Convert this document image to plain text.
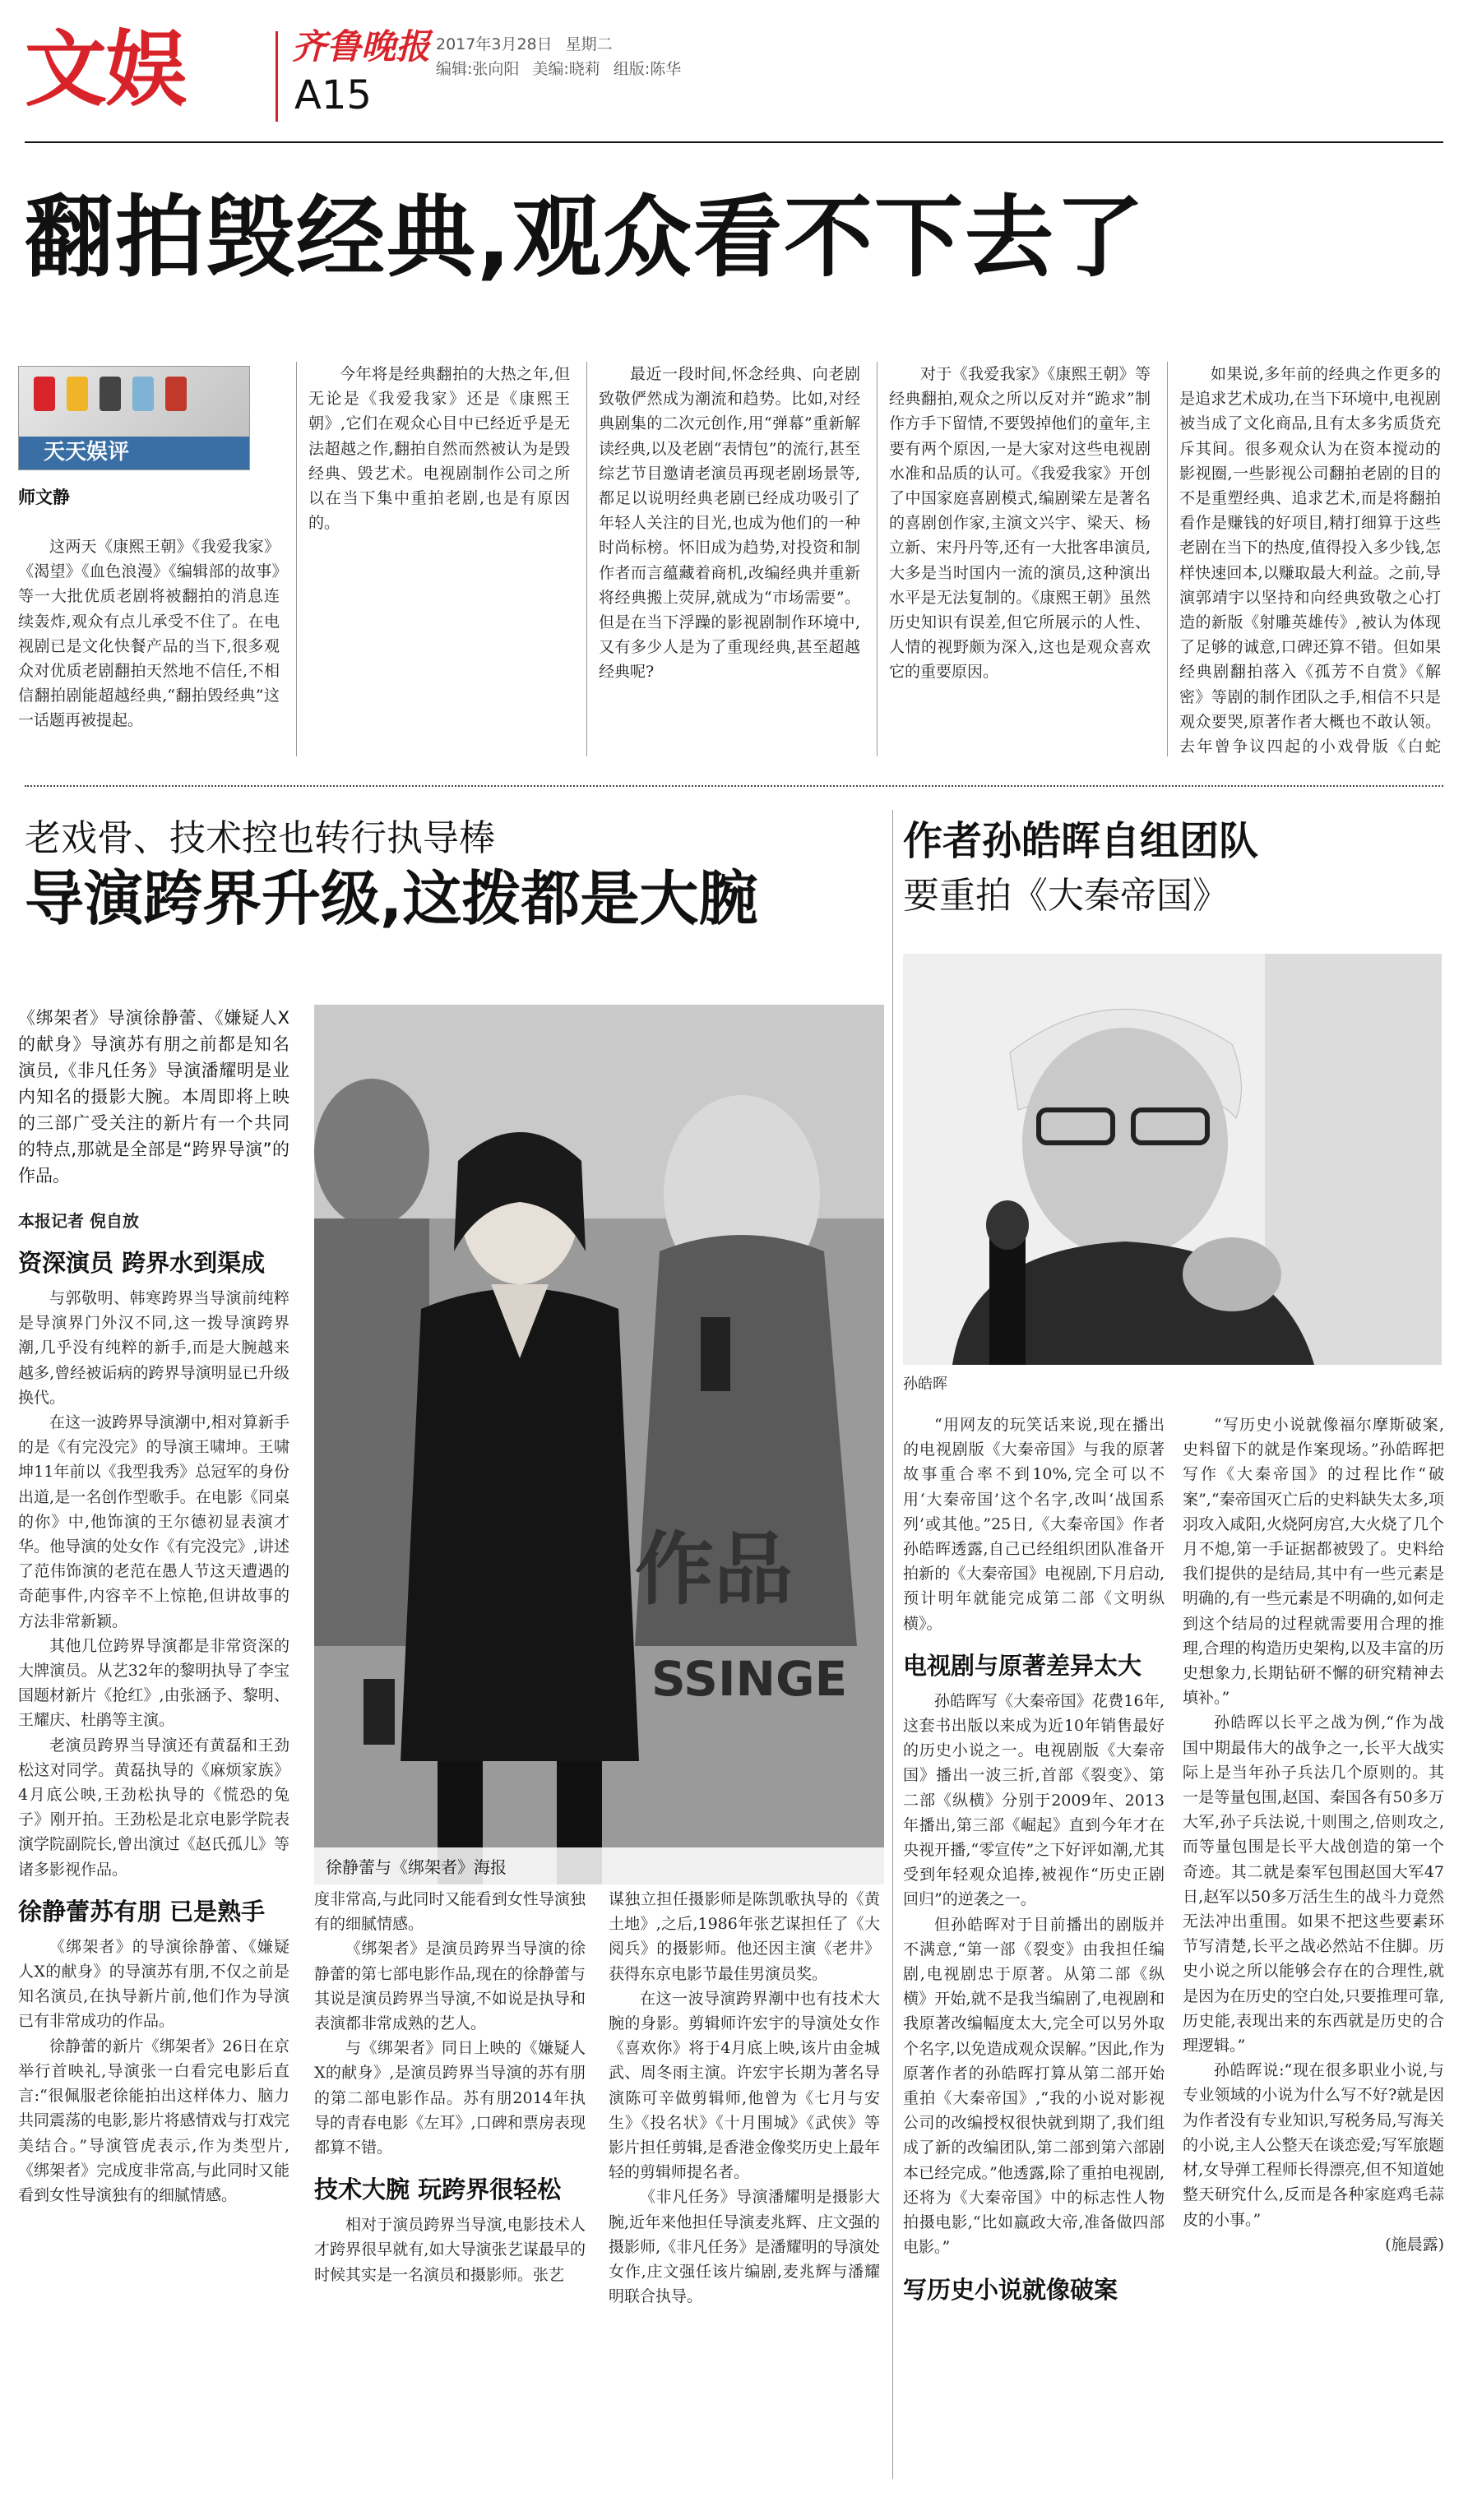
文娱	齐鲁晚报
A15
2017年3月28日 星期二
编辑:张向阳 美编:晓莉 组版:陈华
翻拍毁经典,观众看不下去了
天天娱评
师文静

这两天《康熙王朝》《我爱我家》《渴望》《血色浪漫》《编辑部的故事》等一大批优质老剧将被翻拍的消息连续轰炸,观众有点儿承受不住了。在电视剧已是文化快餐产品的当下,很多观众对优质老剧翻拍天然地不信任,不相信翻拍剧能超越经典,“翻拍毁经典”这一话题再被提起。

今年将是经典翻拍的大热之年,但无论是《我爱我家》还是《康熙王朝》,它们在观众心目中已经近乎是无法超越之作,翻拍自然而然被认为是毁经典、毁艺术。电视剧制作公司之所以在当下集中重拍老剧,也是有原因的。

最近一段时间,怀念经典、向老剧致敬俨然成为潮流和趋势。比如,对经典剧集的二次元创作,用“弹幕”重新解读经典,以及老剧“表情包”的流行,甚至综艺节目邀请老演员再现老剧场景等,都足以说明经典老剧已经成功吸引了年轻人关注的目光,也成为他们的一种时尚标榜。怀旧成为趋势,对投资和制作者而言蕴藏着商机,改编经典并重新将经典搬上荧屏,就成为“市场需要”。但是在当下浮躁的影视剧制作环境中,又有多少人是为了重现经典,甚至超越经典呢?

对于《我爱我家》《康熙王朝》等经典翻拍,观众之所以反对并“跪求”制作方手下留情,不要毁掉他们的童年,主要有两个原因,一是大家对这些电视剧水准和品质的认可。《我爱我家》开创了中国家庭喜剧模式,编剧梁左是著名的喜剧创作家,主演文兴宇、梁天、杨立新、宋丹丹等,还有一大批客串演员,大多是当时国内一流的演员,这种演出水平是无法复制的。《康熙王朝》虽然历史知识有误差,但它所展示的人性、人情的视野颇为深入,这也是观众喜欢它的重要原因。

如果说,多年前的经典之作更多的是追求艺术成功,在当下环境中,电视剧被当成了文化商品,且有太多劣质货充斥其间。很多观众认为在资本搅动的影视圈,一些影视公司翻拍老剧的目的不是重塑经典、追求艺术,而是将翻拍看作是赚钱的好项目,精打细算于这些老剧在当下的热度,值得投入多少钱,怎样快速回本,以赚取最大利益。之前,导演郭靖宇以坚持和向经典致敬之心打造的新版《射雕英雄传》,被认为体现了足够的诚意,口碑还算不错。但如果经典剧翻拍落入《孤芳不自赏》《解密》等剧的制作团队之手,相信不只是观众要哭,原著作者大概也不敢认领。去年曾争议四起的小戏骨版《白蛇

老戏骨、技术控也转行执导棒
导演跨界升级,这拨都是大腕

《绑架者》导演徐静蕾、《嫌疑人X的献身》导演苏有朋之前都是知名演员,《非凡任务》导演潘耀明是业内知名的摄影大腕。本周即将上映的三部广受关注的新片有一个共同的特点,那就是全部是“跨界导演”的作品。

本报记者 倪自放

资深演员 跨界水到渠成

与郭敬明、韩寒跨界当导演前纯粹是导演界门外汉不同,这一拨导演跨界潮,几乎没有纯粹的新手,而是大腕越来越多,曾经被诟病的跨界导演明显已升级换代。

在这一波跨界导演潮中,相对算新手的是《有完没完》的导演王啸坤。王啸坤11年前以《我型我秀》总冠军的身份出道,是一名创作型歌手。在电影《同桌的你》中,他饰演的王尔德初显表演才华。他导演的处女作《有完没完》,讲述了范伟饰演的老范在愚人节这天遭遇的奇葩事件,内容辛不上惊艳,但讲故事的方法非常新颖。

其他几位跨界导演都是非常资深的大牌演员。从艺32年的黎明执导了李宝国题材新片《抢红》,由张涵予、黎明、王耀庆、杜鹃等主演。

老演员跨界当导演还有黄磊和王劲松这对同学。黄磊执导的《麻烦家族》4月底公映,王劲松执导的《慌恐的兔子》刚开拍。王劲松是北京电影学院表演学院副院长,曾出演过《赵氏孤儿》等诸多影视作品。

徐静蕾苏有朋 已是熟手

《绑架者》的导演徐静蕾、《嫌疑人X的献身》的导演苏有朋,不仅之前是知名演员,在执导新片前,他们作为导演已有非常成功的作品。

徐静蕾的新片《绑架者》26日在京举行首映礼,导演张一白看完电影后直言:“很佩服老徐能拍出这样体力、脑力共同震荡的电影,影片将感情戏与打戏完美结合。”导演管虎表示,作为类型片,《绑架者》完成度非常高,与此同时又能看到女性导演独有的细腻情感。

作品
SSINGE
徐静蕾与《绑架者》海报

度非常高,与此同时又能看到女性导演独有的细腻情感。

《绑架者》是演员跨界当导演的徐静蕾的第七部电影作品,现在的徐静蕾与其说是演员跨界当导演,不如说是执导和表演都非常成熟的艺人。

与《绑架者》同日上映的《嫌疑人X的献身》,是演员跨界当导演的苏有朋的第二部电影作品。苏有朋2014年执导的青春电影《左耳》,口碑和票房表现都算不错。

技术大腕 玩跨界很轻松

相对于演员跨界当导演,电影技术人才跨界很早就有,如大导演张艺谋最早的时候其实是一名演员和摄影师。张艺

谋独立担任摄影师是陈凯歌执导的《黄土地》,之后,1986年张艺谋担任了《大阅兵》的摄影师。他还因主演《老井》获得东京电影节最佳男演员奖。

在这一波导演跨界潮中也有技术大腕的身影。剪辑师许宏宇的导演处女作《喜欢你》将于4月底上映,该片由金城武、周冬雨主演。许宏宇长期为著名导演陈可辛做剪辑师,他曾为《七月与安生》《投名状》《十月围城》《武侠》等影片担任剪辑,是香港金像奖历史上最年轻的剪辑师提名者。

《非凡任务》导演潘耀明是摄影大腕,近年来他担任导演麦兆辉、庄文强的摄影师,《非凡任务》是潘耀明的导演处女作,庄文强任该片编剧,麦兆辉与潘耀明联合执导。

作者孙皓晖自组团队
要重拍《大秦帝国》
孙皓晖

“用网友的玩笑话来说,现在播出的电视剧版《大秦帝国》与我的原著故事重合率不到10%,完全可以不用‘大秦帝国’这个名字,改叫‘战国系列’或其他。”25日,《大秦帝国》作者孙皓晖透露,自己已经组织团队准备开拍新的《大秦帝国》电视剧,下月启动,预计明年就能完成第二部《文明纵横》。

电视剧与原著差异太大

孙皓晖写《大秦帝国》花费16年,这套书出版以来成为近10年销售最好的历史小说之一。电视剧版《大秦帝国》播出一波三折,首部《裂变》、第二部《纵横》分别于2009年、2013年播出,第三部《崛起》直到今年才在央视开播,“零宣传”之下好评如潮,尤其受到年轻观众追捧,被视作“历史正剧回归”的逆袭之一。

但孙皓晖对于目前播出的剧版并不满意,“第一部《裂变》由我担任编剧,电视剧忠于原著。从第二部《纵横》开始,就不是我当编剧了,电视剧和我原著改编幅度太大,完全可以另外取个名字,以免造成观众误解。”因此,作为原著作者的孙皓晖打算从第二部开始重拍《大秦帝国》,“我的小说对影视公司的改编授权很快就到期了,我们组成了新的改编团队,第二部到第六部剧本已经完成。”他透露,除了重拍电视剧,还将为《大秦帝国》中的标志性人物拍摄电影,“比如嬴政大帝,准备做四部电影。”

写历史小说就像破案

“写历史小说就像福尔摩斯破案,史料留下的就是作案现场。”孙皓晖把写作《大秦帝国》的过程比作“破案”,“秦帝国灭亡后的史料缺失太多,项羽攻入咸阳,火烧阿房宫,大火烧了几个月不熄,第一手证据都被毁了。史料给我们提供的是结局,其中有一些元素是明确的,有一些元素是不明确的,如何走到这个结局的过程就需要用合理的推理,合理的构造历史架构,以及丰富的历史想象力,长期钻研不懈的研究精神去填补。”

孙皓晖以长平之战为例,“作为战国中期最伟大的战争之一,长平大战实际上是当年孙子兵法几个原则的。其一是等量包围,赵国、秦国各有50多万大军,孙子兵法说,十则围之,倍则攻之,而等量包围是长平大战创造的第一个奇迹。其二就是秦军包围赵国大军47日,赵军以50多万活生生的战斗力竟然无法冲出重围。如果不把这些要素环节写清楚,长平之战必然站不住脚。历史小说之所以能够会存在的合理性,就是因为在历史的空白处,只要推理可靠,历史能,表现出来的东西就是历史的合理逻辑。”

孙皓晖说:“现在很多职业小说,与专业领域的小说为什么写不好?就是因为作者没有专业知识,写税务局,写海关的小说,主人公整天在谈恋爱;写军旅题材,女导弹工程师长得漂亮,但不知道她整天研究什么,反而是各种家庭鸡毛蒜皮的小事。”

(施晨露)
